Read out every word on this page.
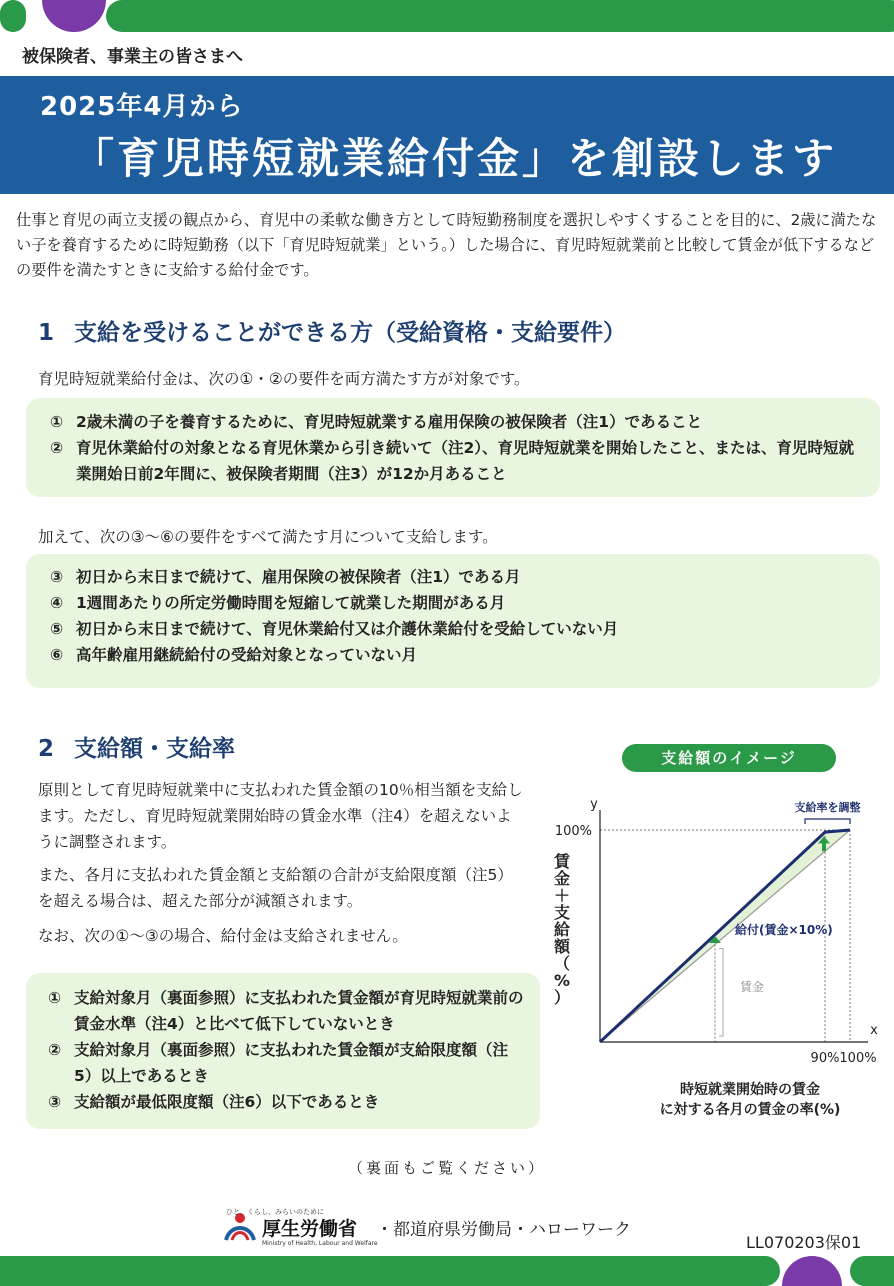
被保険者、事業主の皆さまへ
2025年4月から
「育児時短就業給付金」を創設します
仕事と育児の両立支援の観点から、育児中の柔軟な働き方として時短勤務制度を選択しやすくすることを目的に、2歳に満たない子を養育するために時短勤務（以下「育児時短就業」という。）した場合に、育児時短就業前と比較して賃金が低下するなどの要件を満たすときに支給する給付金です。
1 支給を受けることができる方（受給資格・支給要件）
育児時短就業給付金は、次の①・②の要件を両方満たす方が対象です。
① 2歳未満の子を養育するために、育児時短就業する雇用保険の被保険者（注1）であること
② 育児休業給付の対象となる育児休業から引き続いて（注2）、育児時短就業を開始したこと、または、育児時短就業開始日前2年間に、被保険者期間（注3）が12か月あること
加えて、次の③～⑥の要件をすべて満たす月について支給します。
③ 初日から末日まで続けて、雇用保険の被保険者（注1）である月
④ 1週間あたりの所定労働時間を短縮して就業した期間がある月
⑤ 初日から末日まで続けて、育児休業給付又は介護休業給付を受給していない月
⑥ 高年齢雇用継続給付の受給対象となっていない月
2 支給額・支給率
原則として育児時短就業中に支払われた賃金額の10％相当額を支給します。ただし、育児時短就業開始時の賃金水準（注4）を超えないように調整されます。
また、各月に支払われた賃金額と支給額の合計が支給限度額（注5）を超える場合は、超えた部分が減額されます。
なお、次の①～③の場合、給付金は支給されません。
① 支給対象月（裏面参照）に支払われた賃金額が育児時短就業前の賃金水準（注4）と比べて低下していないとき
② 支給対象月（裏面参照）に支払われた賃金額が支給限度額（注5）以上であるとき
③ 支給額が最低限度額（注6）以下であるとき
支給額のイメージ
y
x
100%
90% 100%
支給率を調整
給付(賃金×10%)
賃金
賃
金
＋
支
給
額
（
%
）
時短就業開始時の賃金
に対する各月の賃金の率(%)
（裏面もご覧ください）
ひと、くらし、みらいのために
厚生労働省
Ministry of Health, Labour and Welfare
・都道府県労働局・ハローワーク
LL070203保01
